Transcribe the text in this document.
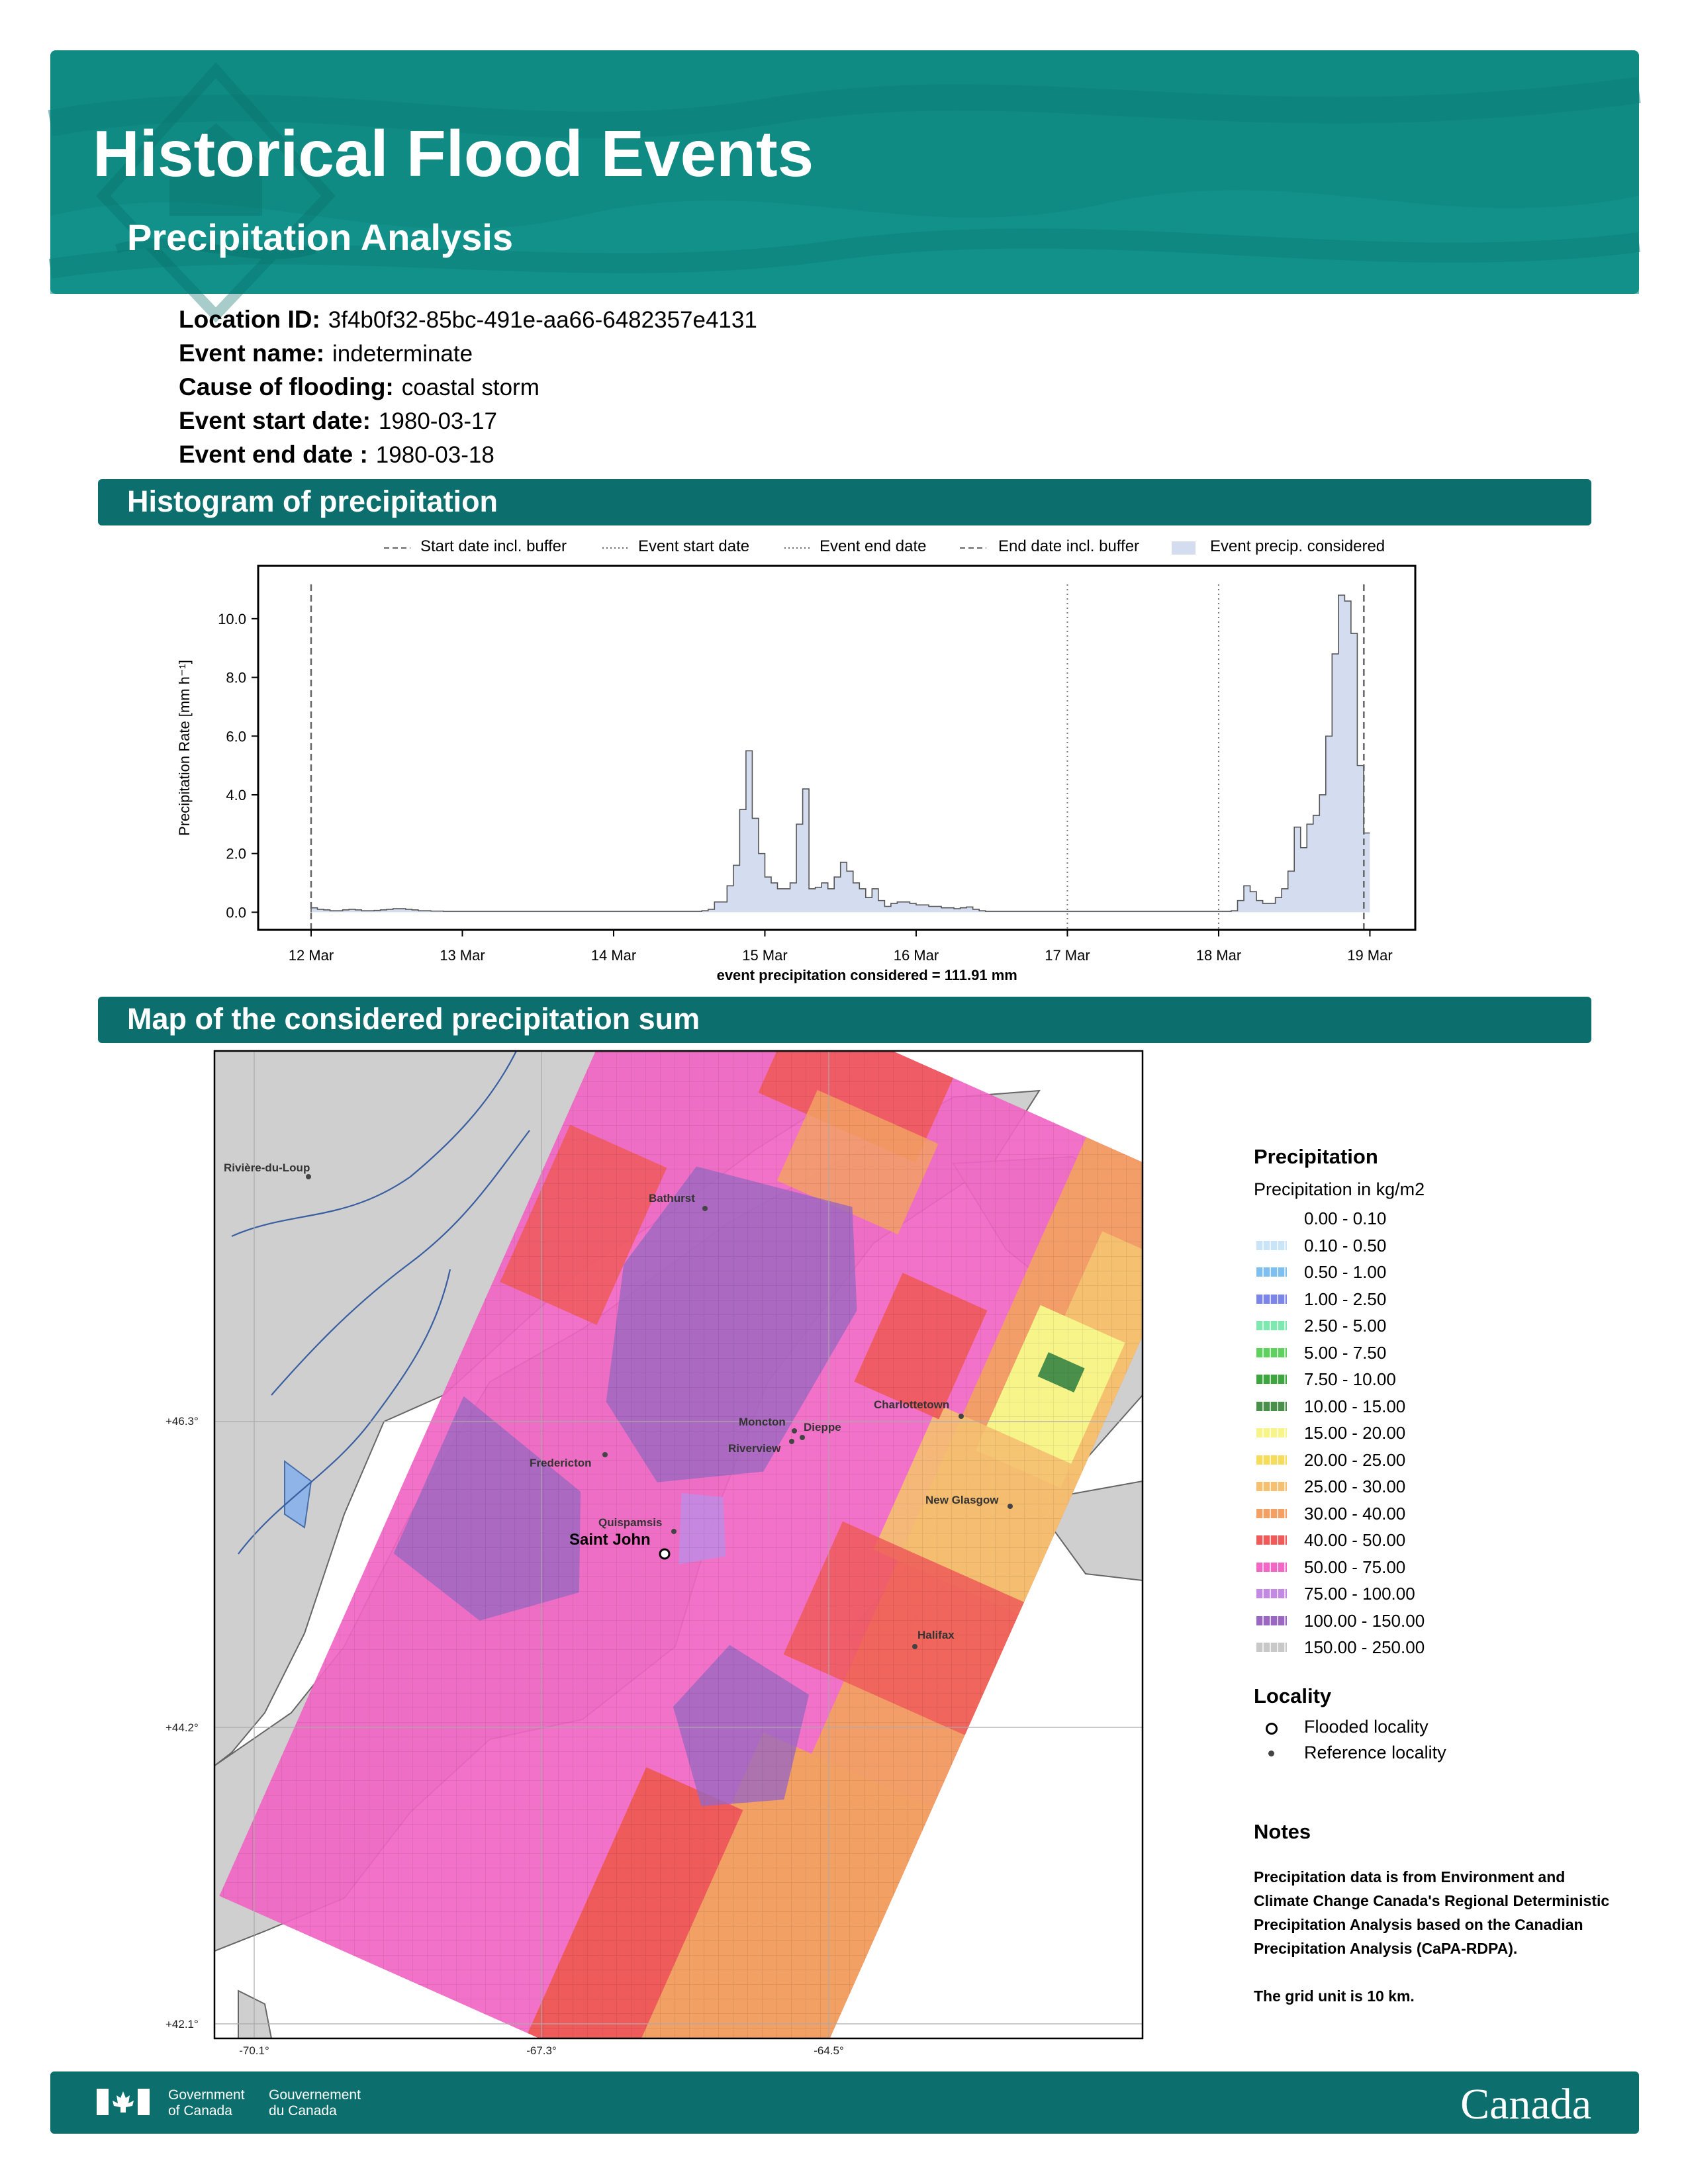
Historical Flood Events
Precipitation Analysis
Location ID: 3f4b0f32-85bc-491e-aa66-6482357e4131
Event name: indeterminate
Cause of flooding: coastal storm
Event start date: 1980-03-17
Event end date : 1980-03-18
Histogram of precipitation
Start date incl. buffer	Event start date	Event end date	End date incl. buffer	Event precip. considered
0.0
2.0
4.0
6.0
8.0
10.0
12 Mar	13 Mar	14 Mar	15 Mar	16 Mar	17 Mar	18 Mar	19 Mar
Precipitation Rate [mm h⁻¹]
event precipitation considered = 111.91 mm
Map of the considered precipitation sum
Rivière-du-Loup
Bathurst
Charlottetown
Moncton Dieppe
Riverview
Fredericton
New Glasgow
Quispamsis
Saint John
Halifax
+46.3°
+44.2°
+42.1°
-70.1°	-67.3°	-64.5°
Precipitation
Precipitation in kg/m2
0.00 - 0.10
0.10 - 0.50
0.50 - 1.00
1.00 - 2.50
2.50 - 5.00
5.00 - 7.50
7.50 - 10.00
10.00 - 15.00
15.00 - 20.00
20.00 - 25.00
25.00 - 30.00
30.00 - 40.00
40.00 - 50.00
50.00 - 75.00
75.00 - 100.00
100.00 - 150.00
150.00 - 250.00
Locality
Flooded locality
Reference locality
Notes
Precipitation data is from Environment and Climate Change Canada's Regional Deterministic Precipitation Analysis based on the Canadian Precipitation Analysis (CaPA-RDPA).
The grid unit is 10 km.
Government
of Canada
Gouvernement
du Canada	Canada
